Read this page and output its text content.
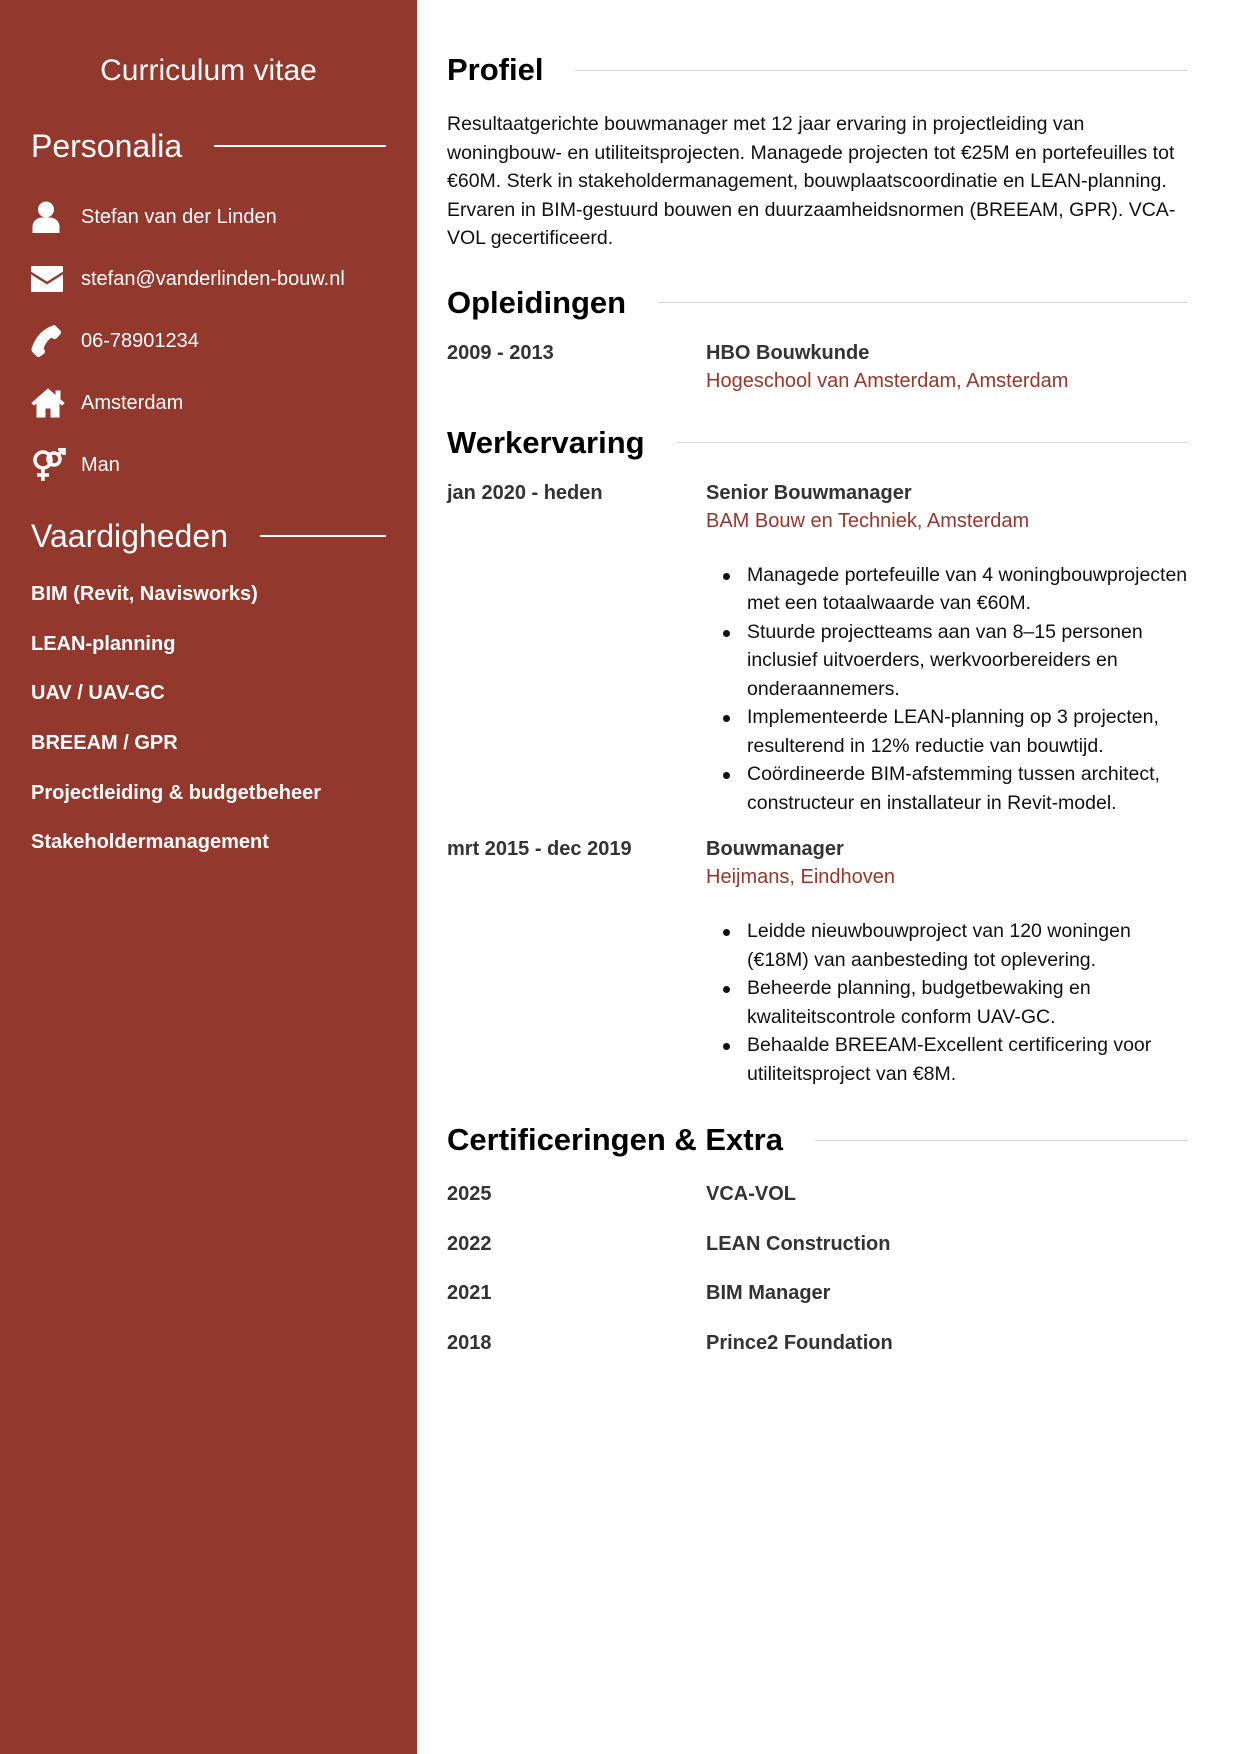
Curriculum vitae
Personalia
Stefan van der Linden
stefan@vanderlinden-bouw.nl
06-78901234
Amsterdam
Man
Vaardigheden
BIM (Revit, Navisworks)
LEAN-planning
UAV / UAV-GC
BREEAM / GPR
Projectleiding & budgetbeheer
Stakeholdermanagement
Profiel

Resultaatgerichte bouwmanager met 12 jaar ervaring in projectleiding van woningbouw- en utiliteitsprojecten. Managede projecten tot €25M en portefeuilles tot €60M. Sterk in stakeholdermanagement, bouwplaatscoordinatie en LEAN-planning. Ervaren in BIM-gestuurd bouwen en duurzaamheidsnormen (BREEAM, GPR). VCA-VOL gecertificeerd.

Opleidingen
2009 - 2013	HBO Bouwkunde
Hogeschool van Amsterdam, Amsterdam
Werkervaring
jan 2020 - heden	Senior Bouwmanager
BAM Bouw en Techniek, Amsterdam
Managede portefeuille van 4 woningbouwprojecten met een totaalwaarde van €60M.
Stuurde projectteams aan van 8–15 personen inclusief uitvoerders, werkvoorbereiders en onderaannemers.
Implementeerde LEAN-planning op 3 projecten, resulterend in 12% reductie van bouwtijd.
Coördineerde BIM-afstemming tussen architect, constructeur en installateur in Revit-model.
mrt 2015 - dec 2019	Bouwmanager
Heijmans, Eindhoven
Leidde nieuwbouwproject van 120 woningen (€18M) van aanbesteding tot oplevering.
Beheerde planning, budgetbewaking en kwaliteitscontrole conform UAV-GC.
Behaalde BREEAM-Excellent certificering voor utiliteitsproject van €8M.
Certificeringen & Extra
2025	VCA-VOL
2022	LEAN Construction
2021	BIM Manager
2018	Prince2 Foundation
